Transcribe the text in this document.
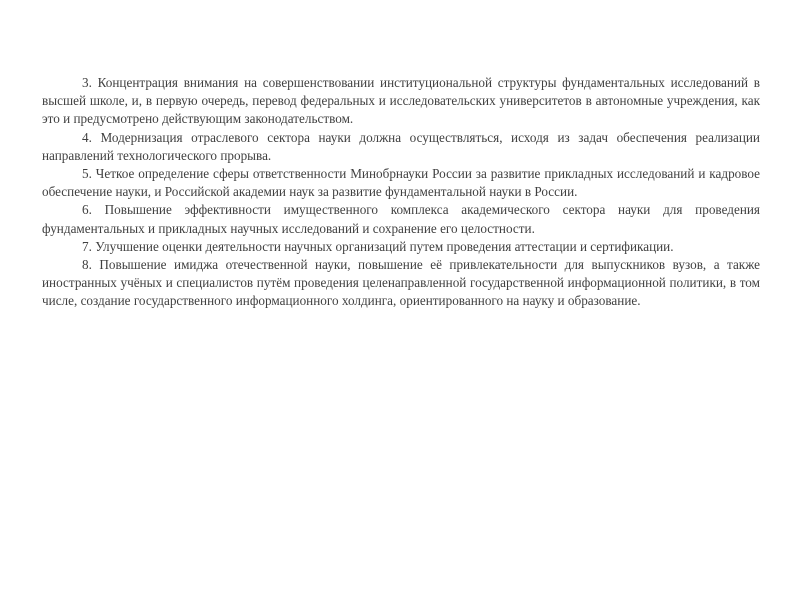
3. Концентрация внимания на совершенствовании институциональной структуры фундаментальных исследований в высшей школе, и, в первую очередь, перевод федеральных и исследовательских университетов в автономные учреждения, как это и предусмотрено действующим законодательством.

4. Модернизация отраслевого сектора науки должна осуществляться, исходя из задач обеспечения реализации направлений технологического прорыва.

5. Четкое определение сферы ответственности Минобрнауки России за развитие прикладных исследований и кадровое обеспечение науки, и Российской академии наук за развитие фундаментальной науки в России.

6. Повышение эффективности имущественного комплекса академического сектора науки для проведения фундаментальных и прикладных научных исследований и сохранение его целостности.

7. Улучшение оценки деятельности научных организаций путем проведения аттестации и сертификации.

8. Повышение имиджа отечественной науки, повышение её привлекательности для выпускников вузов, а также иностранных учёных и специалистов путём проведения целенаправленной государственной информационной политики, в том числе, создание государственного информационного холдинга, ориентированного на науку и образование.
